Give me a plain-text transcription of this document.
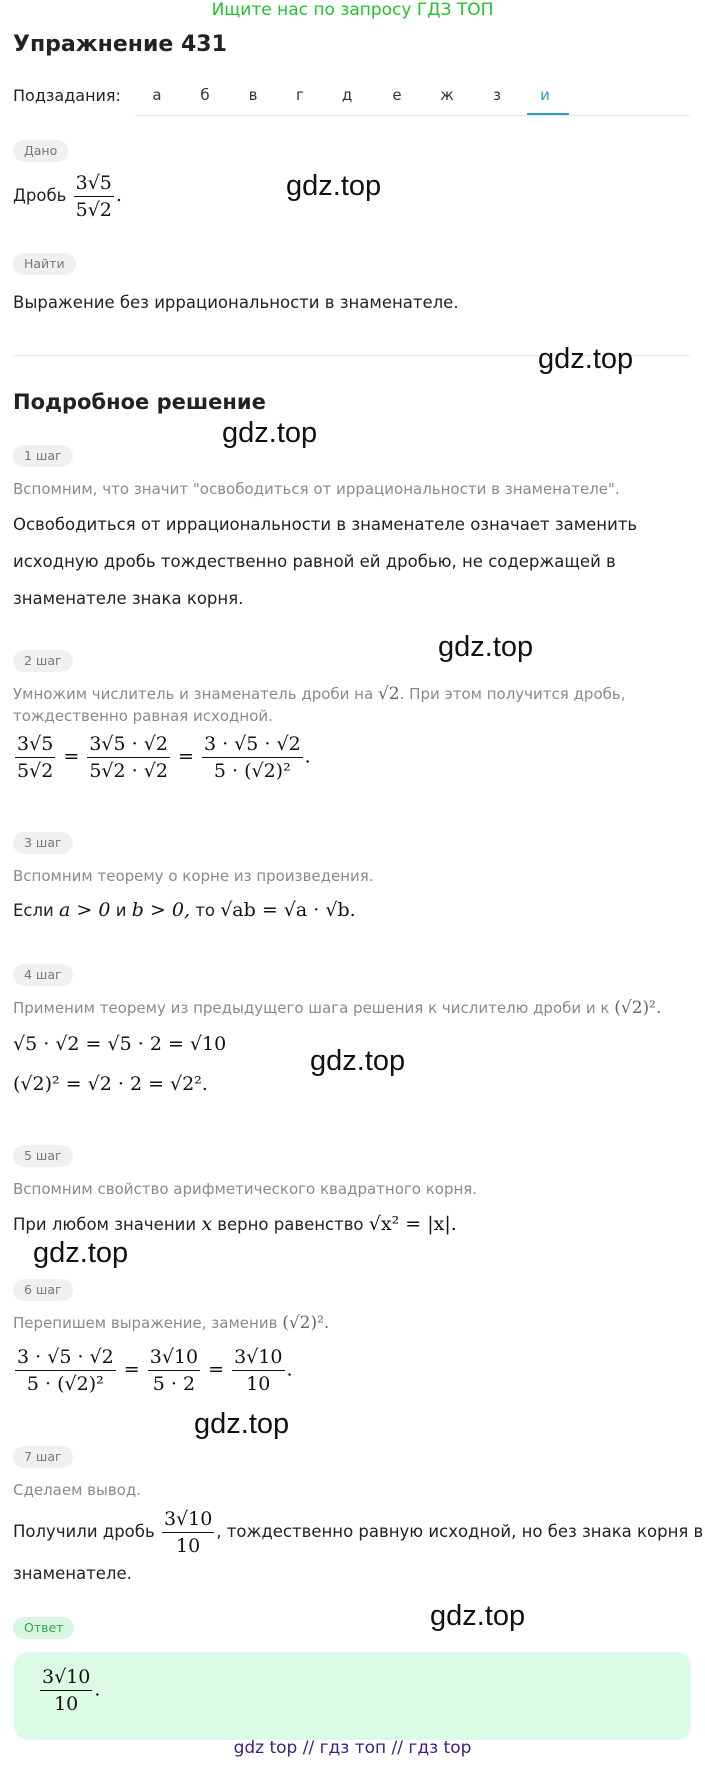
Ищите нас по запросу ГДЗ ТОП
Упражнение 431
Подзадания:	а	б	в	г	д	е	ж	з	и
Дано
Дробь $\frac{3√5}{5√2}$ .
Найти
Выражение без иррациональности в знаменателе.
Подробное решение
1 шаг
Вспомним, что значит "освободиться от иррациональности в знаменателе".
Освободиться от иррациональности в знаменателе означает заменить
исходную дробь тождественно равной ей дробью, не содержащей в
знаменателе знака корня.
2 шаг
Умножим числитель и знаменатель дроби на √2. При этом получится дробь,
тождественно равная исходной.
$\frac{3√5}{5√2} = \frac{3√5 \cdot √2}{5√2 \cdot √2} = \frac{3 \cdot √5 \cdot √2}{\text{5 · (√2)²}}$ .
3 шаг
Вспомним теорему о корне из произведения.
Если a > 0 и b > 0, то √ab = √a · √b.
4 шаг
Применим теорему из предыдущего шага решения к числителю дроби и к (√2)².
√5 · √2 = √5 · 2 = √10
(√2)² = √2 · 2 = √2².
5 шаг
Вспомним свойство арифметического квадратного корня.
При любом значении x верно равенство √x² = |x|.
6 шаг
Перепишем выражение, заменив (√2)².
$\frac{3 \cdot √5 \cdot √2}{\text{5 · (√2)²}} = \frac{3√10}{5 \cdot 2} = \frac{3√10}{10}$ .
7 шаг
Сделаем вывод.
Получили дробь $\frac{3√10}{10}$ , тождественно равную исходной, но без знака корня в
знаменателе.
Ответ
$\frac{3√10}{10}$ .
gdz.top
gdz.top
gdz.top
gdz.top
gdz.top
gdz.top
gdz.top
gdz.top
gdz top // гдз топ // гдз top
